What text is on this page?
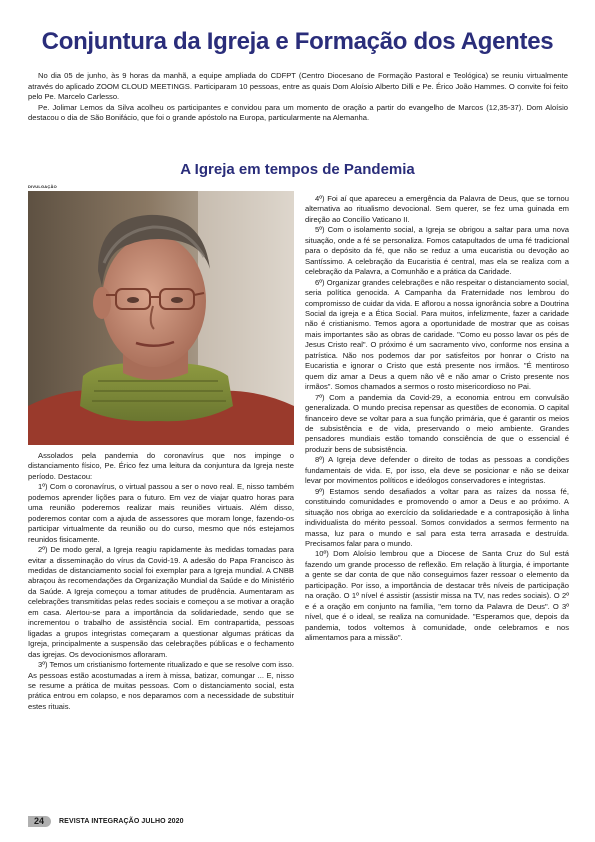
Conjuntura da Igreja e Formação dos Agentes

No dia 05 de junho, às 9 horas da manhã, a equipe ampliada do CDFPT (Centro Diocesano de Formação Pastoral e Teológica) se reuniu virtualmente através do aplicado ZOOM CLOUD MEETINGS. Participaram 10 pessoas, entre as quais Dom Aloísio Alberto Dilli e Pe. Érico João Hammes. O convite foi feito pelo Pe. Marcelo Carlesso.

Pe. Jolimar Lemos da Silva acolheu os participantes e convidou para um momento de oração a partir do evangelho de Marcos (12,35-37). Dom Aloísio destacou o dia de São Bonifácio, que foi o grande apóstolo na Europa, particularmente na Alemanha.

A Igreja em tempos de Pandemia
DIVULGAÇÃO

Assolados pela pandemia do coronavírus que nos impinge o distanciamento físico, Pe. Érico fez uma leitura da conjuntura da Igreja neste período. Destacou:

1º) Com o coronavírus, o virtual passou a ser o novo real. E, nisso também podemos aprender lições para o futuro. Em vez de viajar quatro horas para uma reunião poderemos realizar mais reuniões virtuais. Além disso, poderemos contar com a ajuda de assessores que moram longe, fazendo-os participar virtualmente da reunião ou do curso, mesmo que nós estejamos reunidos fisicamente.

2º) De modo geral, a Igreja reagiu rapidamente às medidas tomadas para evitar a disseminação do vírus da Covid-19. A adesão do Papa Francisco às medidas de distanciamento social foi exemplar para a Igreja mundial. A CNBB abraçou às recomendações da Organização Mundial da Saúde e do Ministério da Saúde. A Igreja começou a tomar atitudes de prudência. Aumentaram as celebrações transmitidas pelas redes sociais e começou a se motivar a oração em casa. Alertou-se para a importância da solidariedade, sendo que se incrementou o trabalho de assistência social. Em contrapartida, pessoas ligadas a grupos integristas começaram a questionar algumas práticas da Igreja, principalmente a suspensão das celebrações públicas e o fechamento das igrejas. Os devocionismos afloraram.

3º) Temos um cristianismo fortemente ritualizado e que se resolve com isso. As pessoas estão acostumadas a irem à missa, batizar, comungar ... E, nisso se resume a prática de muitas pessoas. Com o distanciamento social, esta prática entrou em colapso, e nos deparamos com a necessidade de substituir estes rituais.

4º) Foi aí que apareceu a emergência da Palavra de Deus, que se tornou alternativa ao ritualismo devocional. Sem querer, se fez uma guinada em direção ao Concílio Vaticano II.

5º) Com o isolamento social, a Igreja se obrigou a saltar para uma nova situação, onde a fé se personaliza. Fomos catapultados de uma fé tradicional para o depósito da fé, que não se reduz a uma eucaristia ou devoção ao Santíssimo. A celebração da Eucaristia é central, mas ela se realiza com a celebração da Palavra, a Comunhão e a prática da Caridade.

6º) Organizar grandes celebrações e não respeitar o distanciamento social, seria política genocida. A Campanha da Fraternidade nos lembrou do compromisso de cuidar da vida. E aflorou a nossa ignorância sobre a Doutrina Social da igreja e a Ética Social. Para muitos, infelizmente, fazer a caridade não é cristianismo. Temos agora a oportunidade de mostrar que as coisas mais importantes são as obras de caridade. "Como eu posso lavar os pés de Jesus Cristo real". O próximo é um sacramento vivo, conforme nos ensina a patrística. Não nos podemos dar por satisfeitos por honrar o Cristo na Eucaristia e ignorar o Cristo que está presente nos irmãos. "É mentiroso quem diz amar a Deus a quem não vê e não amar o Cristo presente nos irmãos". Somos chamados a sermos o rosto misericordioso no Pai.

7º) Com a pandemia da Covid-29, a economia entrou em convulsão generalizada. O mundo precisa repensar as questões de economia. O capital financeiro deve se voltar para a sua função primária, que é garantir os meios de subsistência e de vida, preservando o meio ambiente. Grandes pensadores mundiais estão tomando consciência de que o essencial é produzir bens de subsistência.

8º) A Igreja deve defender o direito de todas as pessoas a condições fundamentais de vida. E, por isso, ela deve se posicionar e não se deixar levar por movimentos políticos e ideólogos conservadores e integristas.

9º) Estamos sendo desafiados a voltar para as raízes da nossa fé, constituindo comunidades e promovendo o amor a Deus e ao próximo. A situação nos obriga ao exercício da solidariedade e a contraposição à linha individualista do mérito pessoal. Somos convidados a sermos fermento na massa, luz para o mundo e sal para esta terra arrasada e destruída. Precisamos falar para o mundo.

10º) Dom Aloísio lembrou que a Diocese de Santa Cruz do Sul está fazendo um grande processo de reflexão. Em relação à liturgia, é importante a gente se dar conta de que não conseguimos fazer ressoar o elemento da participação. Por isso, a importância de destacar três níveis de participação na oração. O 1º nível é assistir (assistir missa na TV, nas redes sociais). O 2º e é a oração em conjunto na família, "em torno da Palavra de Deus". O 3º nível, que é o ideal, se realiza na comunidade. "Esperamos que, depois da pandemia, todos voltemos à comunidade, onde celebramos e nos alimentamos para a missão".

24	REVISTA INTEGRAÇÃO JULHO 2020
